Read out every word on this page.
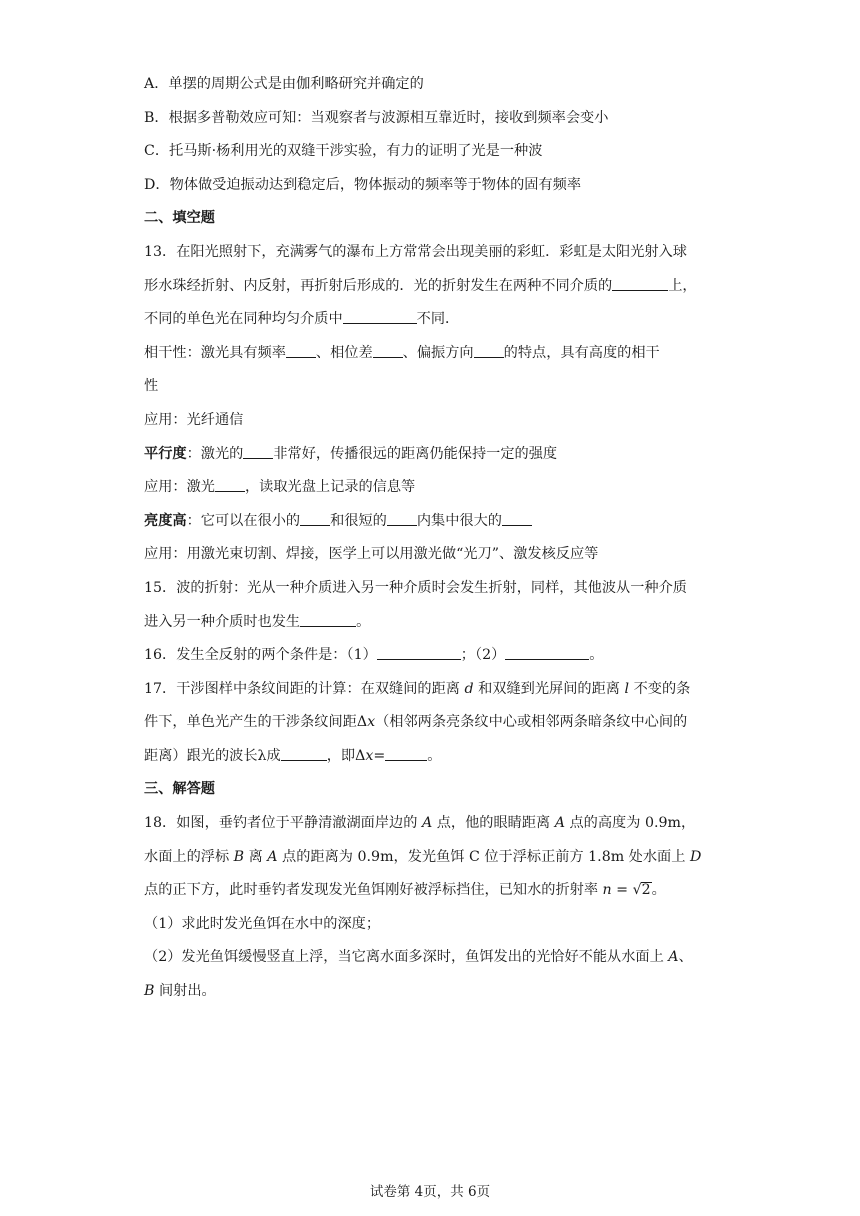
A．单摆的周期公式是由伽利略研究并确定的
B．根据多普勒效应可知：当观察者与波源相互靠近时，接收到频率会变小
C．托马斯·杨利用光的双缝干涉实验，有力的证明了光是一种波
D．物体做受迫振动达到稳定后，物体振动的频率等于物体的固有频率
二、填空题
13．在阳光照射下，充满雾气的瀑布上方常常会出现美丽的彩虹．彩虹是太阳光射入球
形水珠经折射、内反射，再折射后形成的．光的折射发生在两种不同介质的	上，
不同的单色光在同种均匀介质中	不同．
相干性：激光具有频率 、相位差 、偏振方向 的特点，具有高度的相干
性
应用：光纤通信
平行度：激光的 非常好，传播很远的距离仍能保持一定的强度
应用：激光 ，读取光盘上记录的信息等
亮度高：它可以在很小的 和很短的 内集中很大的
应用：用激光束切割、焊接，医学上可以用激光做“光刀”、激发核反应等
15．波的折射：光从一种介质进入另一种介质时会发生折射，同样，其他波从一种介质
进入另一种介质时也发生	。
16．发生全反射的两个条件是：（1）	；（2）	。
17．干涉图样中条纹间距的计算：在双缝间的距离 d 和双缝到光屏间的距离 l 不变的条
件下，单色光产生的干涉条纹间距Δx（相邻两条亮条纹中心或相邻两条暗条纹中心间的
距离）跟光的波长λ成	，即Δx=	。
三、解答题
18．如图，垂钓者位于平静清澈湖面岸边的 A 点，他的眼睛距离 A 点的高度为 0.9m，
水面上的浮标 B 离 A 点的距离为 0.9m，发光鱼饵 C 位于浮标正前方 1.8m 处水面上 D
点的正下方，此时垂钓者发现发光鱼饵刚好被浮标挡住，已知水的折射率 n = √2。
（1）求此时发光鱼饵在水中的深度；
（2）发光鱼饵缓慢竖直上浮，当它离水面多深时，鱼饵发出的光恰好不能从水面上 A、
B 间射出。
试卷第 4页，共 6页
